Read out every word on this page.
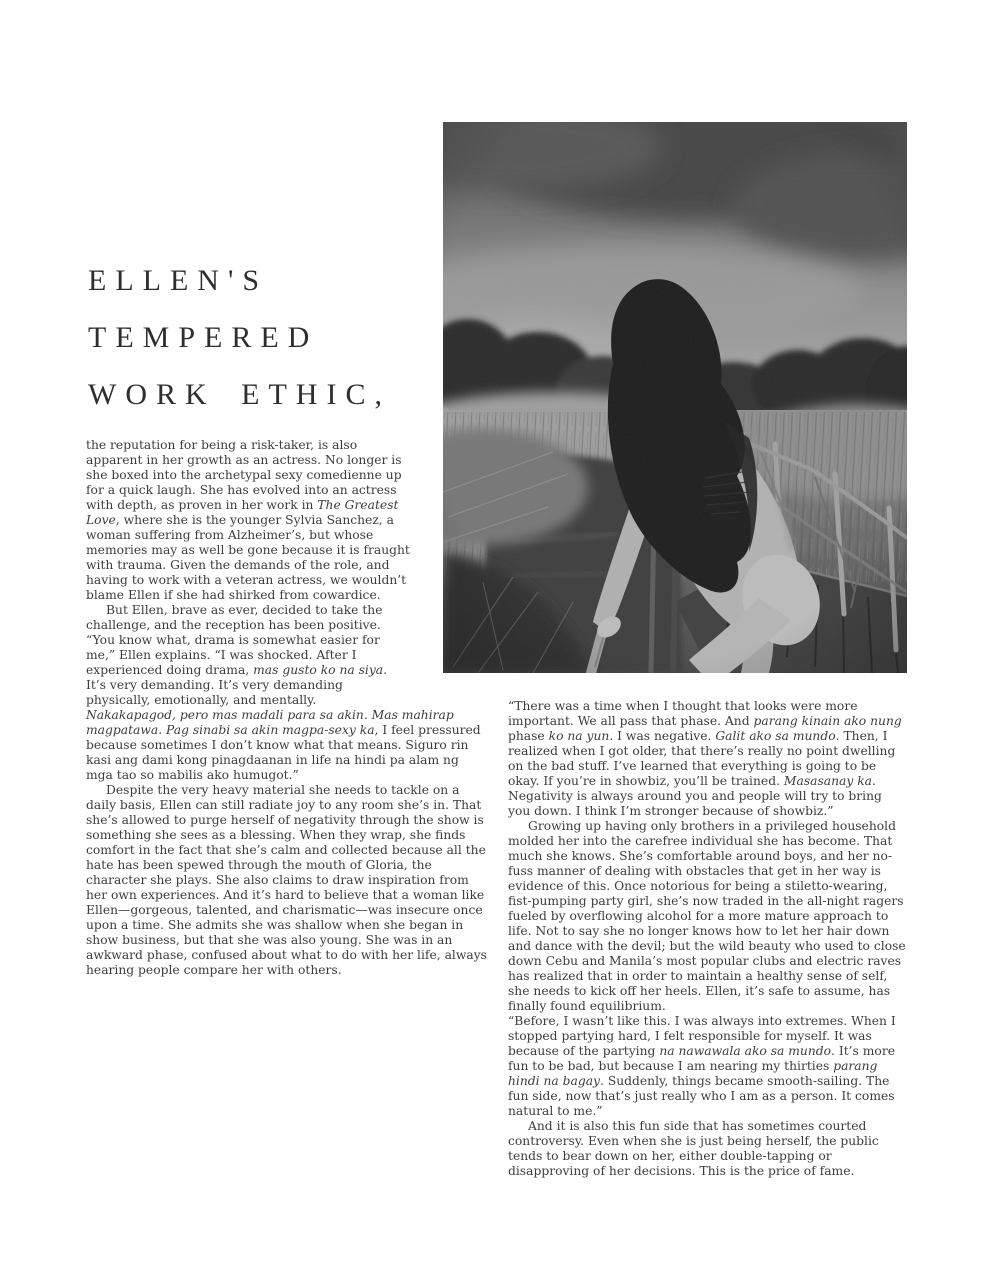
ELLEN'S
TEMPERED
WORK ETHIC,

the reputation for being a risk-taker, is also apparent in her growth as an actress. No longer is she boxed into the archetypal sexy comedienne up for a quick laugh. She has evolved into an actress with depth, as proven in her work in The Greatest Love, where she is the younger Sylvia Sanchez, a woman suffering from Alzheimer’s, but whose memories may as well be gone because it is fraught with trauma. Given the demands of the role, and having to work with a veteran actress, we wouldn’t blame Ellen if she had shirked from cowardice.

But Ellen, brave as ever, decided to take the challenge, and the reception has been positive. “You know what, drama is somewhat easier for me,” Ellen explains. “I was shocked. After I experienced doing drama, mas gusto ko na siya. It’s very demanding. It’s very demanding physically, emotionally, and mentally. Nakakapagod, pero mas madali para sa akin. Mas mahirap magpatawa. Pag sinabi sa akin magpa-sexy ka, I feel pressured because sometimes I don’t know what that means. Siguro rin kasi ang dami kong pinagdaanan in life na hindi pa alam ng mga tao so mabilis ako humugot.”

Despite the very heavy material she needs to tackle on a daily basis, Ellen can still radiate joy to any room she’s in. That she’s allowed to purge herself of negativity through the show is something she sees as a blessing. When they wrap, she finds comfort in the fact that she’s calm and collected because all the hate has been spewed through the mouth of Gloria, the character she plays. She also claims to draw inspiration from her own experiences. And it’s hard to believe that a woman like Ellen—gorgeous, talented, and charismatic—was insecure once upon a time. She admits she was shallow when she began in show business, but that she was also young. She was in an awkward phase, confused about what to do with her life, always hearing people compare her with others.

“There was a time when I thought that looks were more important. We all pass that phase. And parang kinain ako nung phase ko na yun. I was negative. Galit ako sa mundo. Then, I realized when I got older, that there’s really no point dwelling on the bad stuff. I’ve learned that everything is going to be okay. If you’re in showbiz, you’ll be trained. Masasanay ka. Negativity is always around you and people will try to bring you down. I think I’m stronger because of showbiz.”

Growing up having only brothers in a privileged household molded her into the carefree individual she has become. That much she knows. She’s comfortable around boys, and her no-fuss manner of dealing with obstacles that get in her way is evidence of this. Once notorious for being a stiletto-wearing, fist-pumping party girl, she’s now traded in the all-night ragers fueled by overflowing alcohol for a more mature approach to life. Not to say she no longer knows how to let her hair down and dance with the devil; but the wild beauty who used to close down Cebu and Manila’s most popular clubs and electric raves has realized that in order to maintain a healthy sense of self, she needs to kick off her heels. Ellen, it’s safe to assume, has finally found equilibrium.

“Before, I wasn’t like this. I was always into extremes. When I stopped partying hard, I felt responsible for myself. It was because of the partying na nawawala ako sa mundo. It’s more fun to be bad, but because I am nearing my thirties parang hindi na bagay. Suddenly, things became smooth-sailing. The fun side, now that’s just really who I am as a person. It comes natural to me.”

And it is also this fun side that has sometimes courted controversy. Even when she is just being herself, the public tends to bear down on her, either double-tapping or disapproving of her decisions. This is the price of fame.
